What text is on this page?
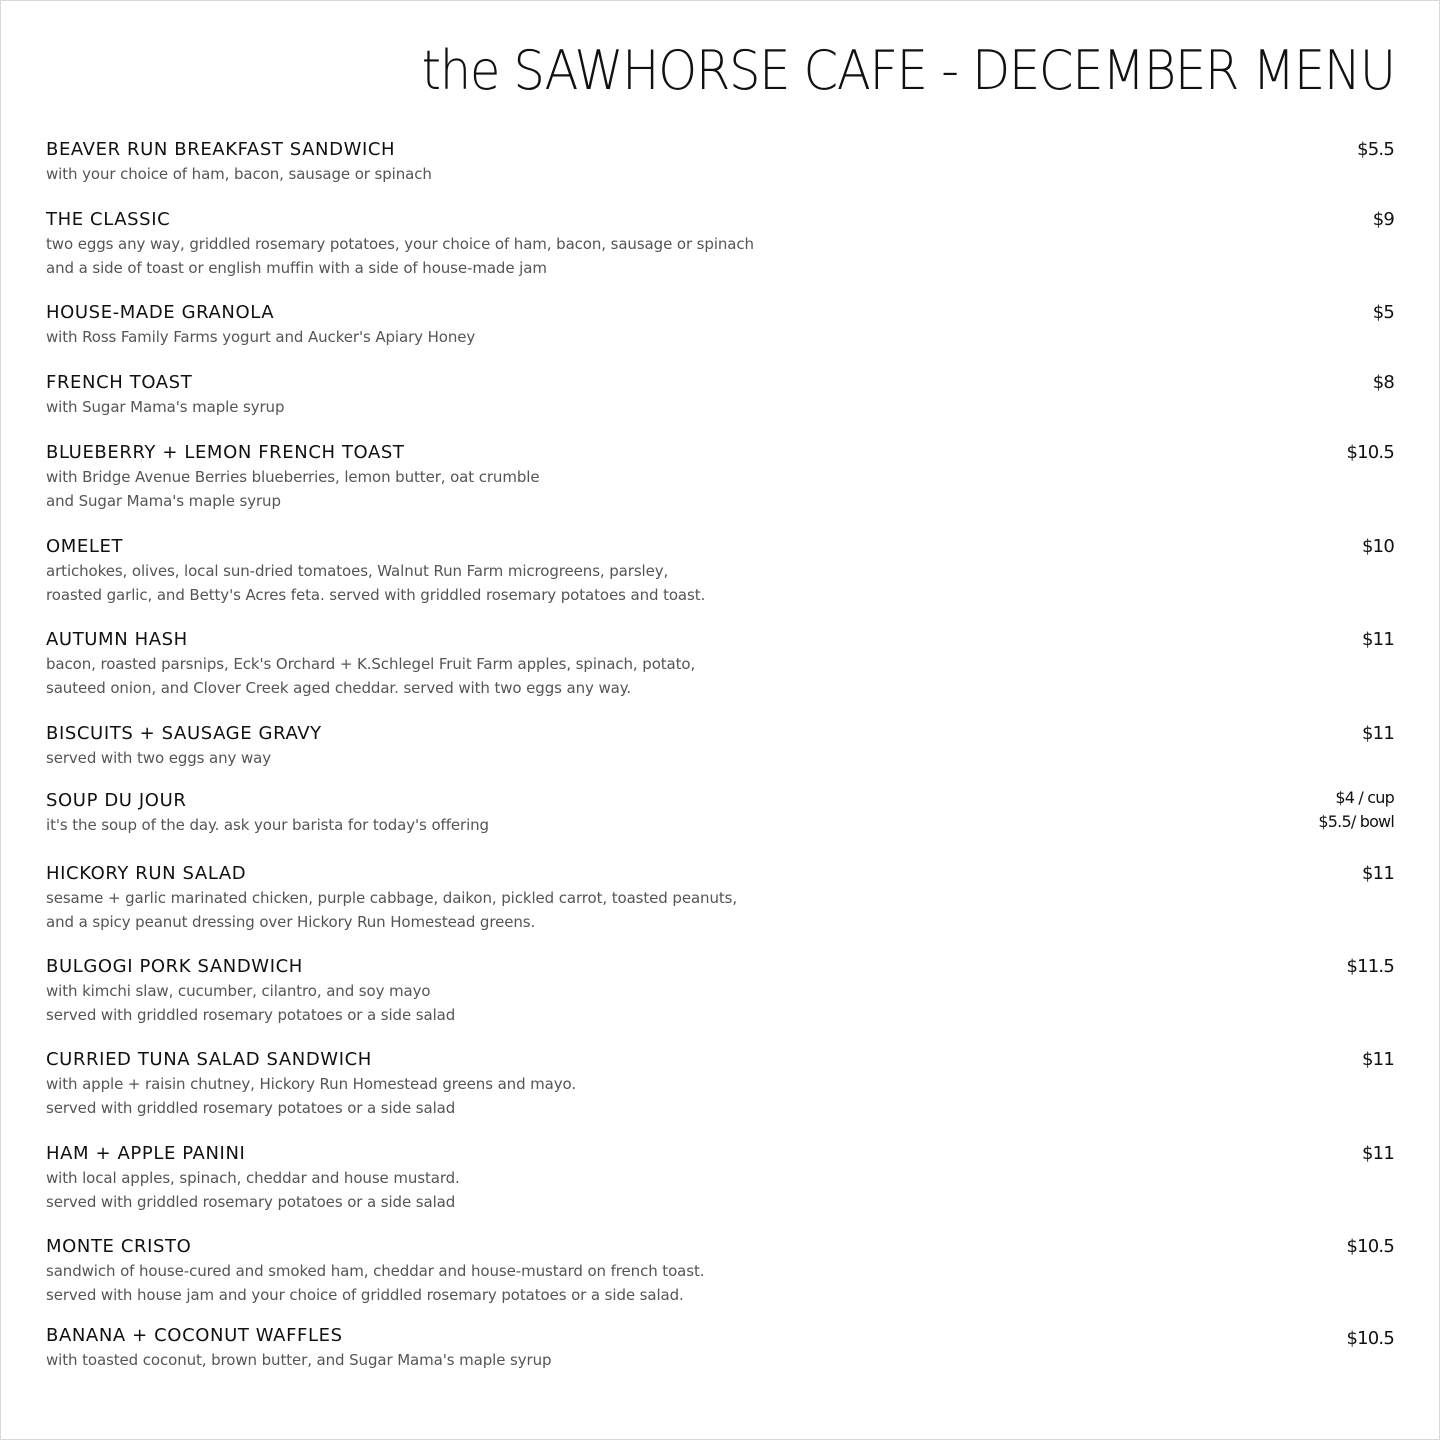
the SAWHORSE CAFE - DECEMBER MENU
BEAVER RUN BREAKFAST SANDWICH
with your choice of ham, bacon, sausage or spinach
$5.5
THE CLASSIC
two eggs any way, griddled rosemary potatoes, your choice of ham, bacon, sausage or spinach
and a side of toast or english muffin with a side of house-made jam
$9
HOUSE-MADE GRANOLA
with Ross Family Farms yogurt and Aucker's Apiary Honey
$5
FRENCH TOAST
with Sugar Mama's maple syrup
$8
BLUEBERRY + LEMON FRENCH TOAST
with Bridge Avenue Berries blueberries, lemon butter, oat crumble
and Sugar Mama's maple syrup
$10.5
OMELET
artichokes, olives, local sun-dried tomatoes, Walnut Run Farm microgreens, parsley,
roasted garlic, and Betty's Acres feta. served with griddled rosemary potatoes and toast.
$10
AUTUMN HASH
bacon, roasted parsnips, Eck's Orchard + K.Schlegel Fruit Farm apples, spinach, potato,
sauteed onion, and Clover Creek aged cheddar. served with two eggs any way.
$11
BISCUITS + SAUSAGE GRAVY
served with two eggs any way
$11
SOUP DU JOUR
it's the soup of the day. ask your barista for today's offering
$4 / cup
$5.5/ bowl
HICKORY RUN SALAD
sesame + garlic marinated chicken, purple cabbage, daikon, pickled carrot, toasted peanuts,
and a spicy peanut dressing over Hickory Run Homestead greens.
$11
BULGOGI PORK SANDWICH
with kimchi slaw, cucumber, cilantro, and soy mayo
served with griddled rosemary potatoes or a side salad
$11.5
CURRIED TUNA SALAD SANDWICH
with apple + raisin chutney, Hickory Run Homestead greens and mayo.
served with griddled rosemary potatoes or a side salad
$11
HAM + APPLE PANINI
with local apples, spinach, cheddar and house mustard.
served with griddled rosemary potatoes or a side salad
$11
MONTE CRISTO
sandwich of house-cured and smoked ham, cheddar and house-mustard on french toast.
served with house jam and your choice of griddled rosemary potatoes or a side salad.
$10.5
BANANA + COCONUT WAFFLES
with toasted coconut, brown butter, and Sugar Mama's maple syrup
$10.5
